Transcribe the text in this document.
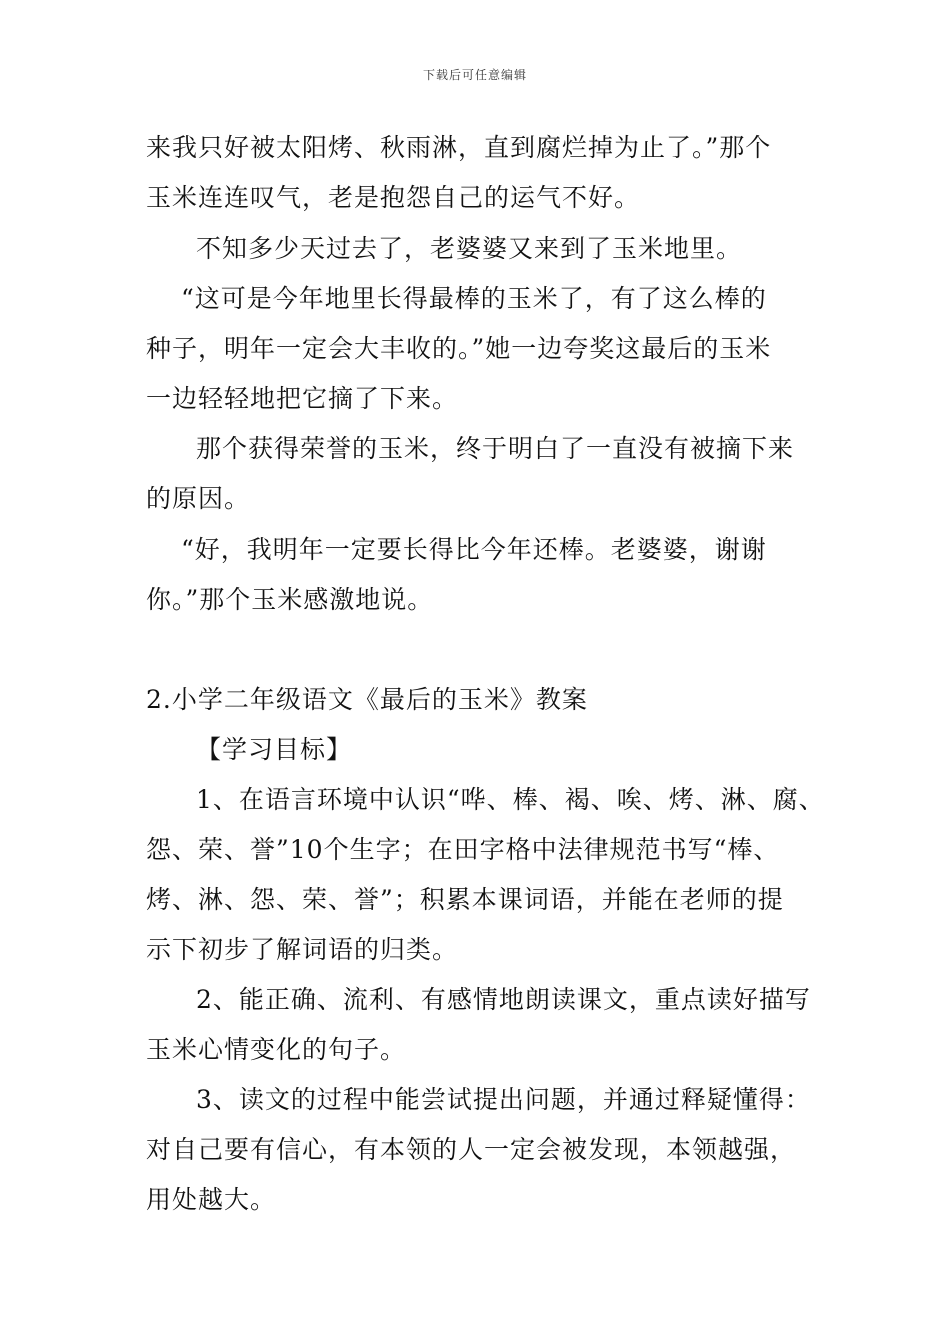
下载后可任意编辑
来我只好被太阳烤、秋雨淋，直到腐烂掉为止了。”那个
玉米连连叹气，老是抱怨自己的运气不好。
不知多少天过去了，老婆婆又来到了玉米地里。
“这可是今年地里长得最棒的玉米了，有了这么棒的
种子，明年一定会大丰收的。”她一边夸奖这最后的玉米
一边轻轻地把它摘了下来。
那个获得荣誉的玉米，终于明白了一直没有被摘下来
的原因。
“好，我明年一定要长得比今年还棒。老婆婆，谢谢
你。”那个玉米感激地说。
2.小学二年级语文《最后的玉米》教案
【学习目标】
1、在语言环境中认识“哗、棒、褐、唉、烤、淋、腐、
怨、荣、誉”10个生字；在田字格中法律规范书写“棒、
烤、淋、怨、荣、誉”；积累本课词语，并能在老师的提
示下初步了解词语的归类。
2、能正确、流利、有感情地朗读课文，重点读好描写
玉米心情变化的句子。
3、读文的过程中能尝试提出问题，并通过释疑懂得：
对自己要有信心，有本领的人一定会被发现，本领越强，
用处越大。
